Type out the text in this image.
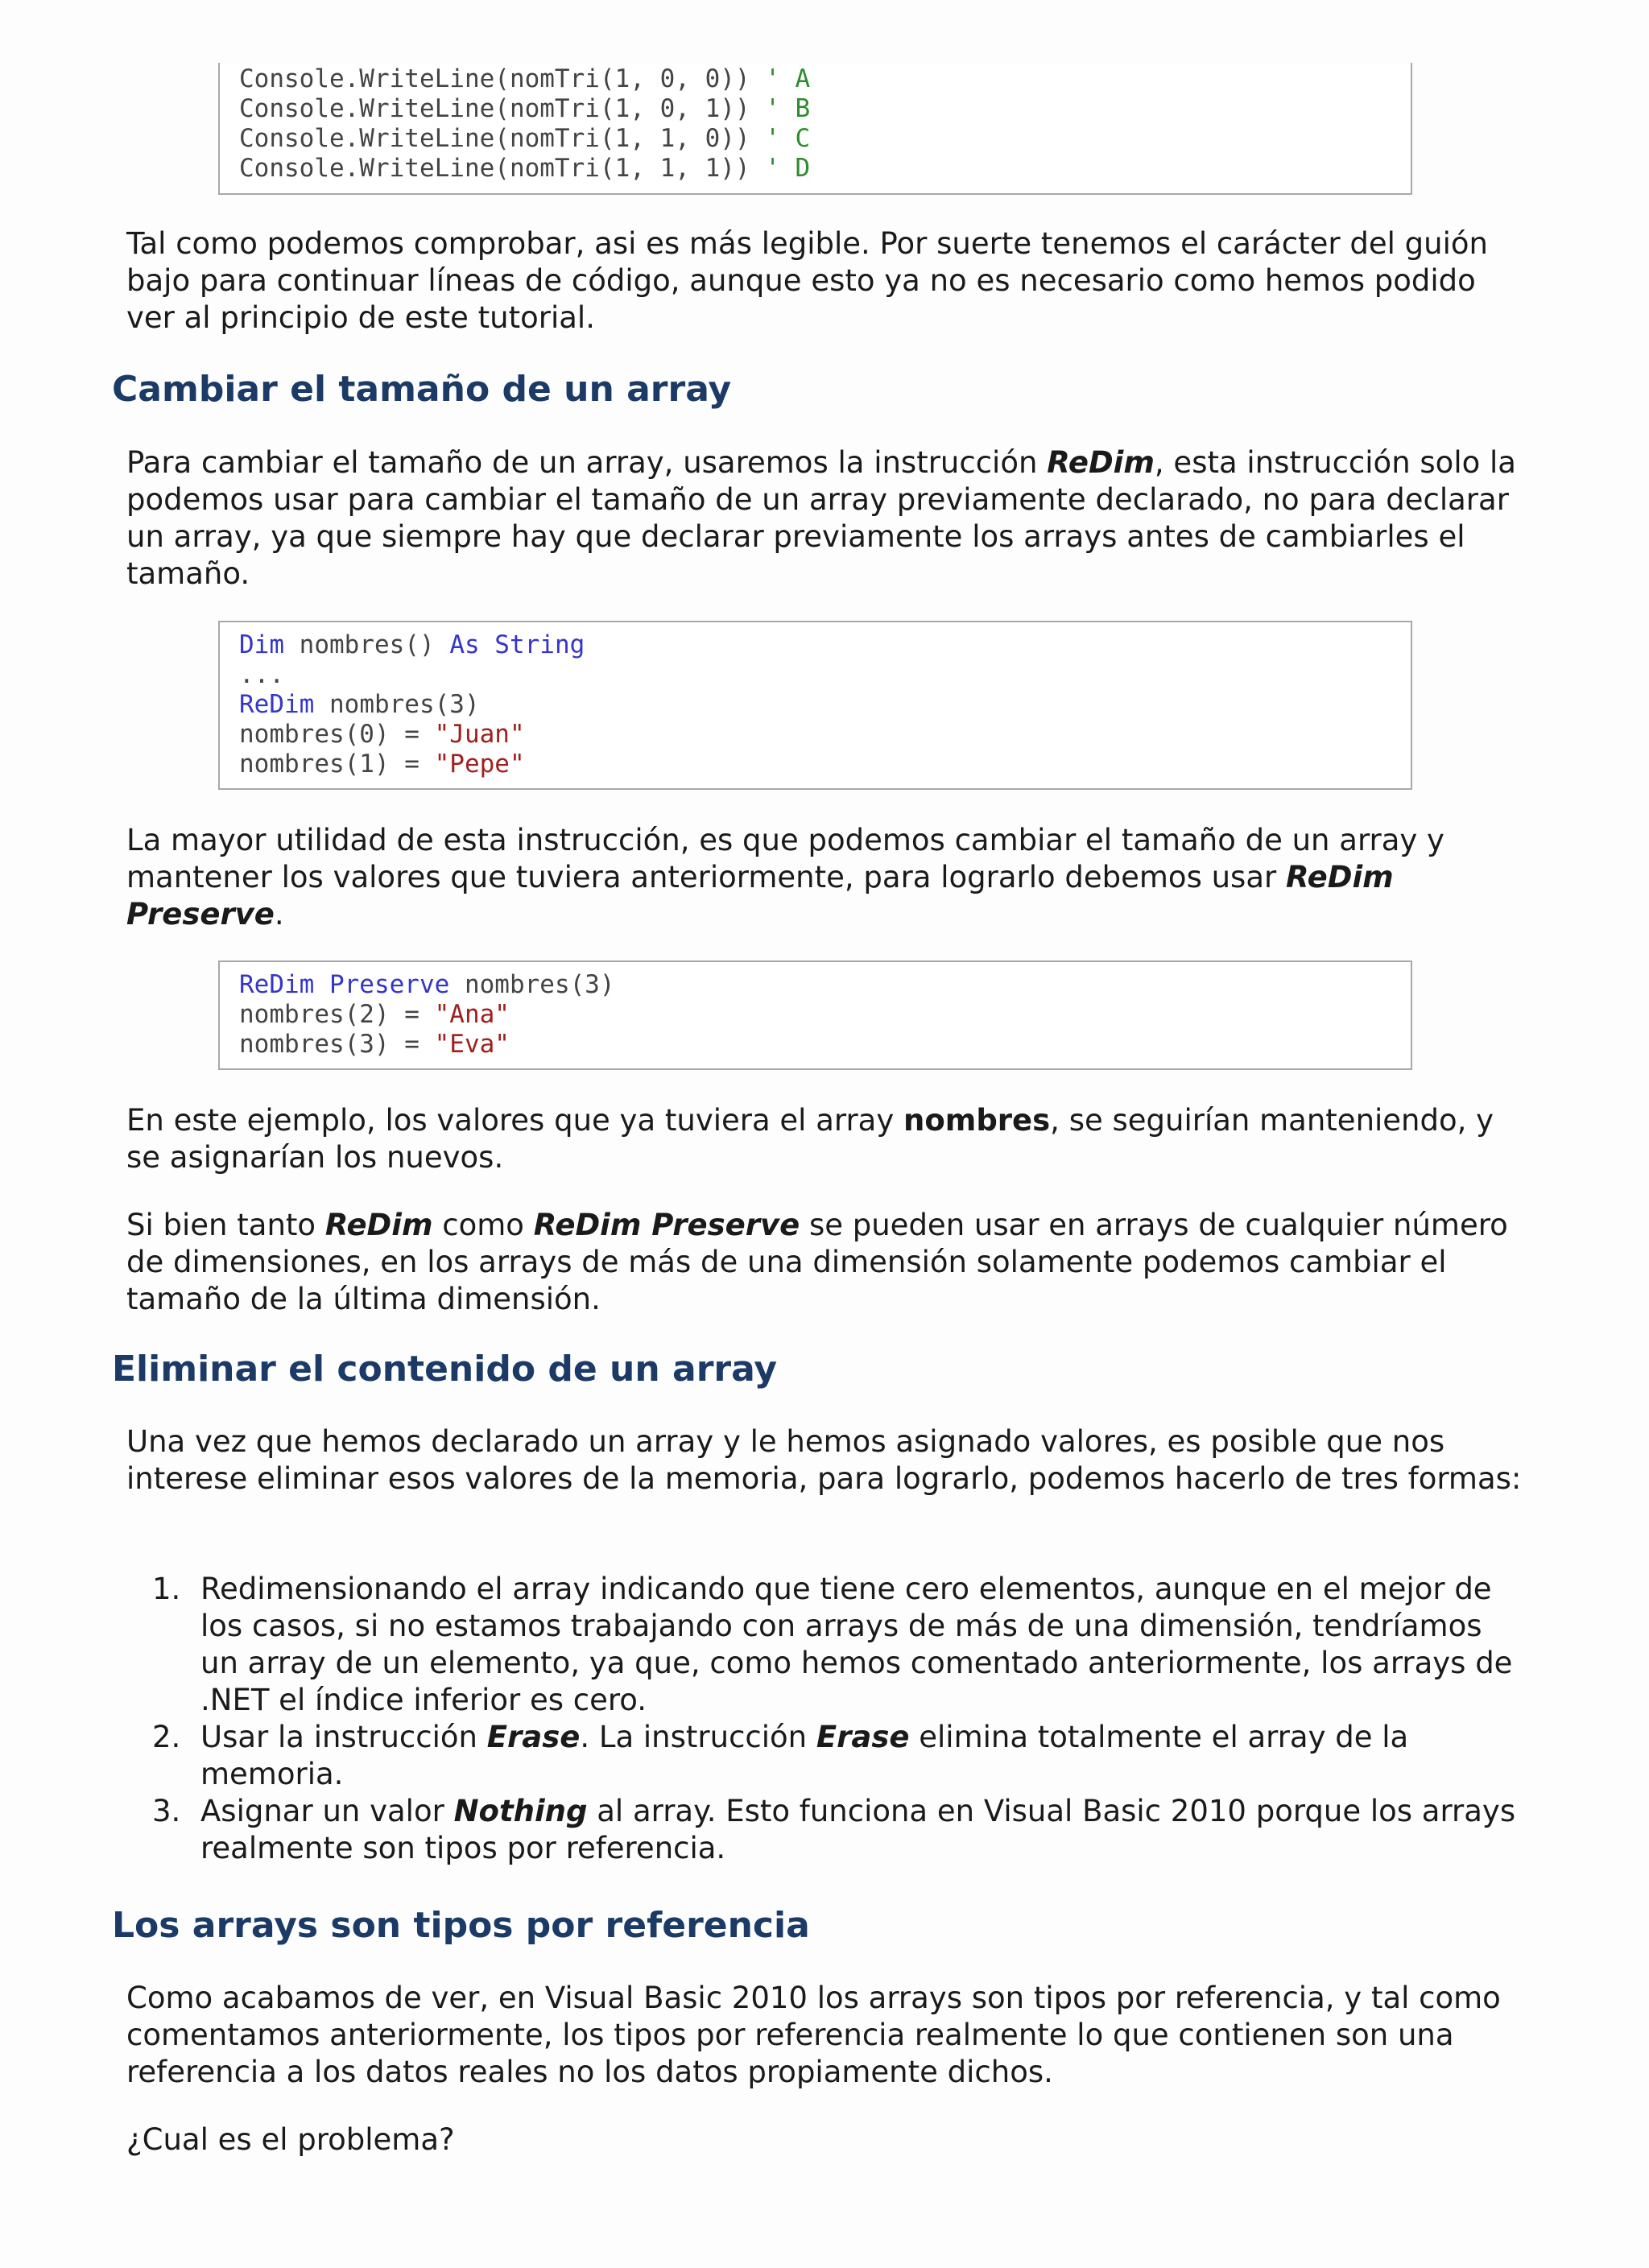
Console.WriteLine(nomTri(1, 0, 0)) ' A
Console.WriteLine(nomTri(1, 0, 1)) ' B
Console.WriteLine(nomTri(1, 1, 0)) ' C
Console.WriteLine(nomTri(1, 1, 1)) ' D

Tal como podemos comprobar, asi es más legible. Por suerte tenemos el carácter del guión bajo para continuar líneas de código, aunque esto ya no es necesario como hemos podido ver al principio de este tutorial.

Cambiar el tamaño de un array

Para cambiar el tamaño de un array, usaremos la instrucción ReDim, esta instrucción solo la podemos usar para cambiar el tamaño de un array previamente declarado, no para declarar un array, ya que siempre hay que declarar previamente los arrays antes de cambiarles el tamaño.

Dim nombres() As String
...
ReDim nombres(3)
nombres(0) = "Juan"
nombres(1) = "Pepe"

La mayor utilidad de esta instrucción, es que podemos cambiar el tamaño de un array y mantener los valores que tuviera anteriormente, para lograrlo debemos usar ReDim Preserve.

ReDim Preserve nombres(3)
nombres(2) = "Ana"
nombres(3) = "Eva"

En este ejemplo, los valores que ya tuviera el array nombres, se seguirían manteniendo, y se asignarían los nuevos.

Si bien tanto ReDim como ReDim Preserve se pueden usar en arrays de cualquier número de dimensiones, en los arrays de más de una dimensión solamente podemos cambiar el tamaño de la última dimensión.

Eliminar el contenido de un array

Una vez que hemos declarado un array y le hemos asignado valores, es posible que nos interese eliminar esos valores de la memoria, para lograrlo, podemos hacerlo de tres formas:

1. Redimensionando el array indicando que tiene cero elementos, aunque en el mejor de los casos, si no estamos trabajando con arrays de más de una dimensión, tendríamos un array de un elemento, ya que, como hemos comentado anteriormente, los arrays de .NET el índice inferior es cero.
2. Usar la instrucción Erase. La instrucción Erase elimina totalmente el array de la memoria.
3. Asignar un valor Nothing al array. Esto funciona en Visual Basic 2010 porque los arrays realmente son tipos por referencia.
Los arrays son tipos por referencia

Como acabamos de ver, en Visual Basic 2010 los arrays son tipos por referencia, y tal como comentamos anteriormente, los tipos por referencia realmente lo que contienen son una referencia a los datos reales no los datos propiamente dichos.

¿Cual es el problema?
